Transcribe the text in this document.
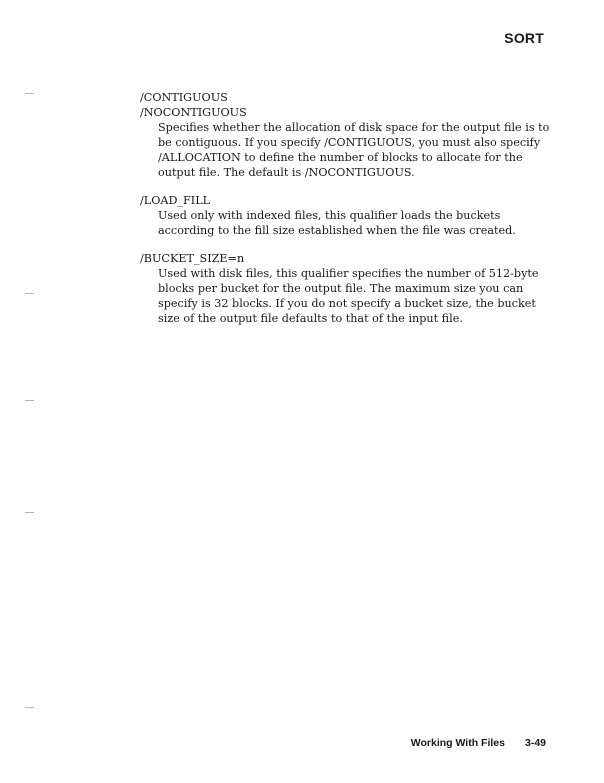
SORT
/CONTIGUOUS
/NOCONTIGUOUS
Specifies whether the allocation of disk space for the output file is to be contiguous. If you specify /CONTIGUOUS, you must also specify /ALLOCATION to define the number of blocks to allocate for the output file. The default is /NOCONTIGUOUS.
/LOAD_FILL
Used only with indexed files, this qualifier loads the buckets according to the fill size established when the file was created.
/BUCKET_SIZE=n
Used with disk files, this qualifier specifies the number of 512-byte blocks per bucket for the output file. The maximum size you can specify is 32 blocks. If you do not specify a bucket size, the bucket size of the output file defaults to that of the input file.
Working With Files 3-49
